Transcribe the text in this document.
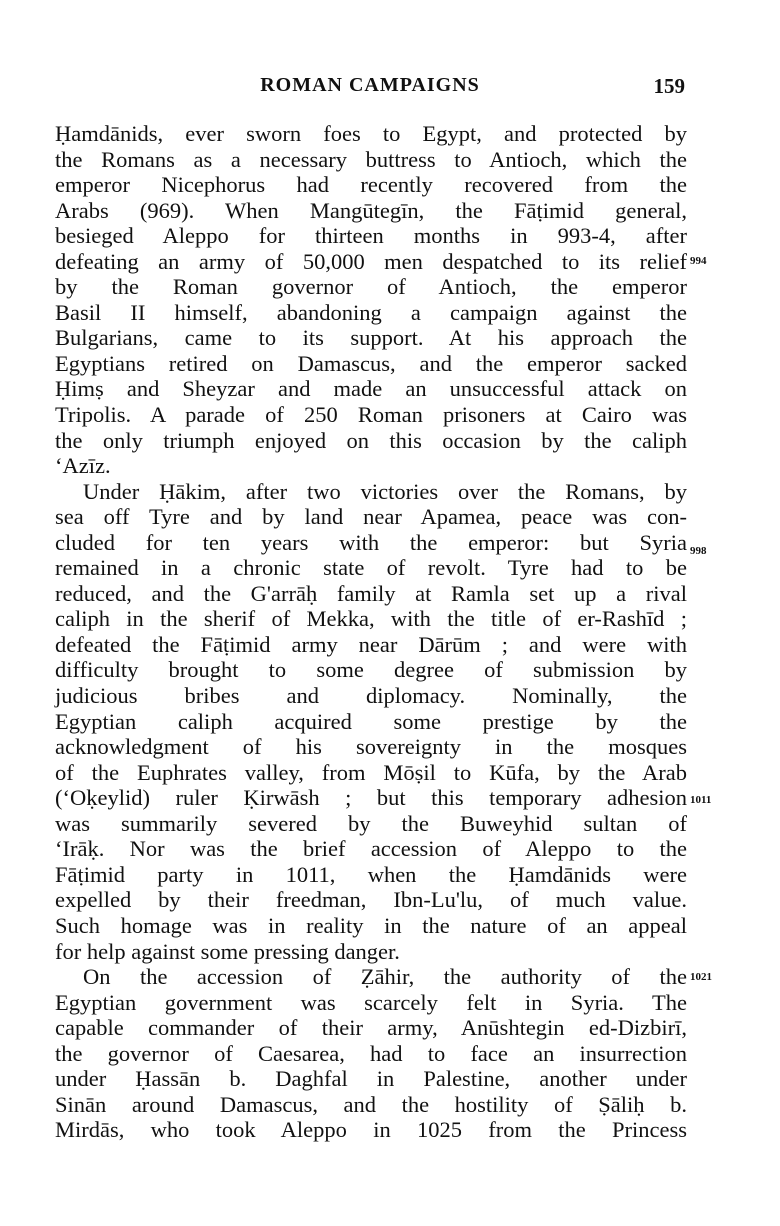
ROMAN CAMPAIGNS	159
Ḥamdānids, ever sworn foes to Egypt, and protected by
the Romans as a necessary buttress to Antioch, which the
emperor Nicephorus had recently recovered from the
Arabs (969). When Mangūtegīn, the Fāṭimid general,
besieged Aleppo for thirteen months in 993-4, after
defeating an army of 50,000 men despatched to its relief
by the Roman governor of Antioch, the emperor
Basil II himself, abandoning a campaign against the
Bulgarians, came to its support. At his approach the
Egyptians retired on Damascus, and the emperor sacked
Ḥimṣ and Sheyzar and made an unsuccessful attack on
Tripolis. A parade of 250 Roman prisoners at Cairo was
the only triumph enjoyed on this occasion by the caliph
ʻAzīz.
Under Ḥākim, after two victories over the Romans, by
sea off Tyre and by land near Apamea, peace was con-
cluded for ten years with the emperor: but Syria
remained in a chronic state of revolt. Tyre had to be
reduced, and the G'arrāḥ family at Ramla set up a rival
caliph in the sherif of Mekka, with the title of er-Rashīd ;
defeated the Fāṭimid army near Dārūm ; and were with
difficulty brought to some degree of submission by
judicious bribes and diplomacy. Nominally, the
Egyptian caliph acquired some prestige by the
acknowledgment of his sovereignty in the mosques
of the Euphrates valley, from Mōṣil to Kūfa, by the Arab
(ʻOḳeylid) ruler Ḳirwāsh ; but this temporary adhesion
was summarily severed by the Buweyhid sultan of
ʻIrāḳ. Nor was the brief accession of Aleppo to the
Fāṭimid party in 1011, when the Ḥamdānids were
expelled by their freedman, Ibn-Lu'lu, of much value.
Such homage was in reality in the nature of an appeal
for help against some pressing danger.
On the accession of Ẓāhir, the authority of the
Egyptian government was scarcely felt in Syria. The
capable commander of their army, Anūshtegin ed-Dizbirī,
the governor of Caesarea, had to face an insurrection
under Ḥassān b. Daghfal in Palestine, another under
Sinān around Damascus, and the hostility of Ṣāliḥ b.
Mirdās, who took Aleppo in 1025 from the Princess
994
998
1011
1021
